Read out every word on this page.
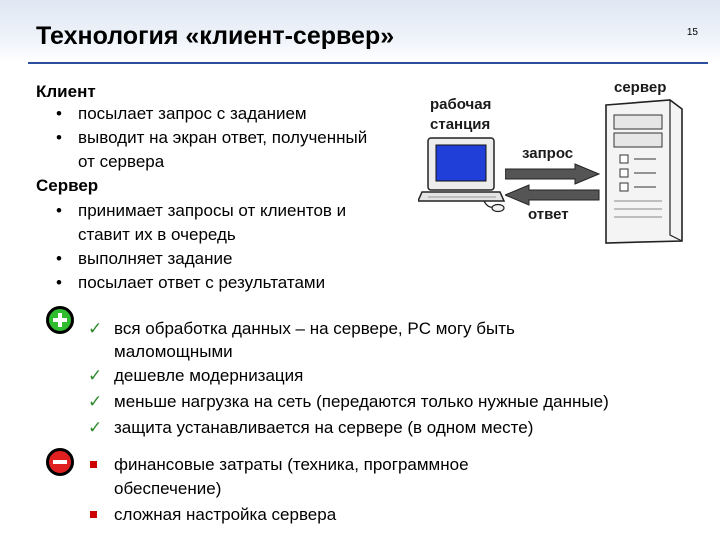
Технология «клиент-сервер»	15
Клиент
• посылает запрос с заданием
• выводит на экран ответ, полученный
от сервера
Сервер
• принимает запросы от клиентов и
ставит их в очередь
• выполняет задание
• посылает ответ с результатами
рабочая
станция
сервер
запрос
ответ
✓ вся обработка данных – на сервере, PC могу быть
маломощными
✓ дешевле модернизация
✓ меньше нагрузка на сеть (передаются только нужные данные)
✓ защита устанавливается на сервере (в одном месте)
финансовые затраты (техника, программное
обеспечение)
сложная настройка сервера
